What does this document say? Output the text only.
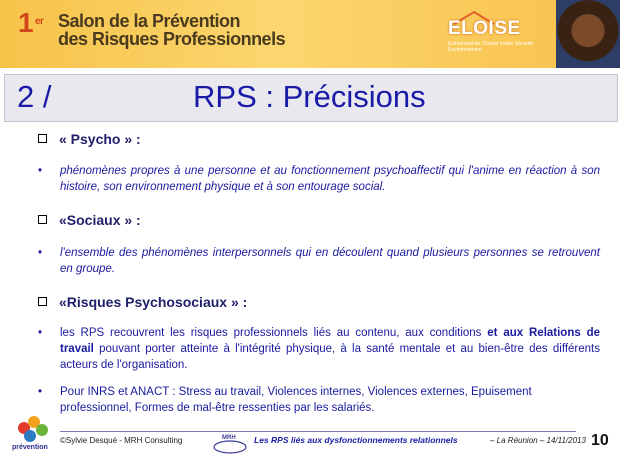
1 er Salon de la Prévention
des Risques Professionnels	ELOISE
Evénement de l'Océan Indien Sécurité Environnement
2 /	RPS : Précisions
« Psycho » :
• phénomènes propres à une personne et au fonctionnement psychoaffectif qui l'anime en réaction à son histoire, son environnement physique et à son entourage social.
«Sociaux » :
• l'ensemble des phénomènes interpersonnels qui en découlent quand plusieurs personnes se retrouvent en groupe.
«Risques Psychosociaux » :
• les RPS recouvrent les risques professionnels liés au contenu, aux conditions et aux Relations de travail pouvant porter atteinte à l'intégrité physique, à la santé mentale et au bien-être des différents acteurs de l'organisation.
• Pour INRS et ANACT : Stress au travail, Violences internes, Violences externes, Epuisement professionnel, Formes de mal-être ressenties par les salariés.
prévention
©Sylvie Desqué - MRH Consulting	MRH Les RPS liés aux dysfonctionnements relationnels	– La Réunion – 14/11/2013 10
